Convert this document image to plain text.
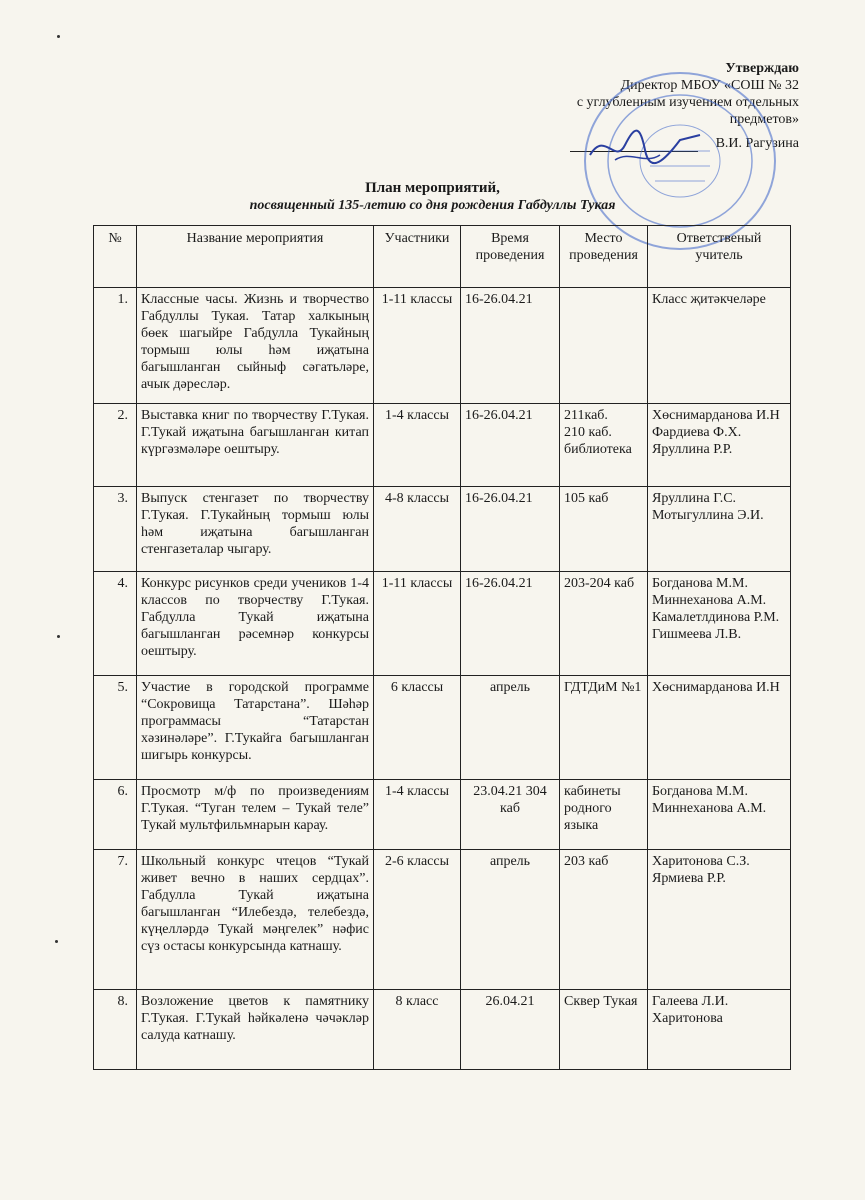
Утверждаю
Директор МБОУ «СОШ № 32
с углубленным изучением отдельных
предметов»
В.И. Рагузина
План мероприятий,
посвященный 135-летию со дня рождения Габдуллы Тукая
№	Название мероприятия	Участники	Время проведения	Место проведения	Ответственый учитель
1.	Классные часы. Жизнь и творчество Габдуллы Тукая. Татар халкының бөек шагыйре Габдулла Тукайның тормыш юлы һәм иҗатына багышланган сыйныф сәгатьләре, ачык дәресләр.	1-11 классы	16-26.04.21		Класс җитәкчеләре

2.	Выставка книг по творчеству Г.Тукая. Г.Тукай иҗатына багышланган китап күргәзмәләре оештыру.	1-4 классы	16-26.04.21	211каб.
210 каб.
библиотека	Хөснимарданова И.Н
Фардиева Ф.Х.
Яруллина Р.Р.

3.	Выпуск стенгазет по творчеству Г.Тукая. Г.Тукайның тормыш юлы һәм иҗатына багышланган стенгазеталар чыгару.	4-8 классы	16-26.04.21	105 каб	Яруллина Г.С.
Мотыгуллина Э.И.

4.	Конкурс рисунков среди учеников 1-4 классов по творчеству Г.Тукая. Габдулла Тукай иҗатына багышланган рәсемнәр конкурсы оештыру.	1-11 классы	16-26.04.21	203-204 каб	Богданова М.М.
Миннеханова А.М.
Камалетлдинова Р.М.
Гишмеева Л.В.

5.	Участие в городской программе “Сокровища Татарстана”. Шәһәр программасы “Татарстан хәзинәләре”. Г.Тукайга багышланган шигырь конкурсы.	6 классы	апрель	ГДТДиМ №1	Хөснимарданова И.Н

6.	Просмотр м/ф по произведениям Г.Тукая. “Туган телем – Тукай теле” Тукай мультфильмнарын карау.	1-4 классы	23.04.21 304 каб	кабинеты родного языка	Богданова М.М.
Миннеханова А.М.

7.	Школьный конкурс чтецов “Тукай живет вечно в наших сердцах”. Габдулла Тукай иҗатына багышланган “Илебездә, телебездә, күңелләрдә Тукай мәңгелек” нәфис сүз остасы конкурсында катнашу.	2-6 классы	апрель	203 каб	Харитонова С.З.
Ярмиева Р.Р.

8.	Возложение цветов к памятнику Г.Тукая. Г.Тукай һәйкәленә чәчәкләр салуда катнашу.	8 класс	26.04.21	Сквер Тукая	Галеева Л.И.
Харитонова
